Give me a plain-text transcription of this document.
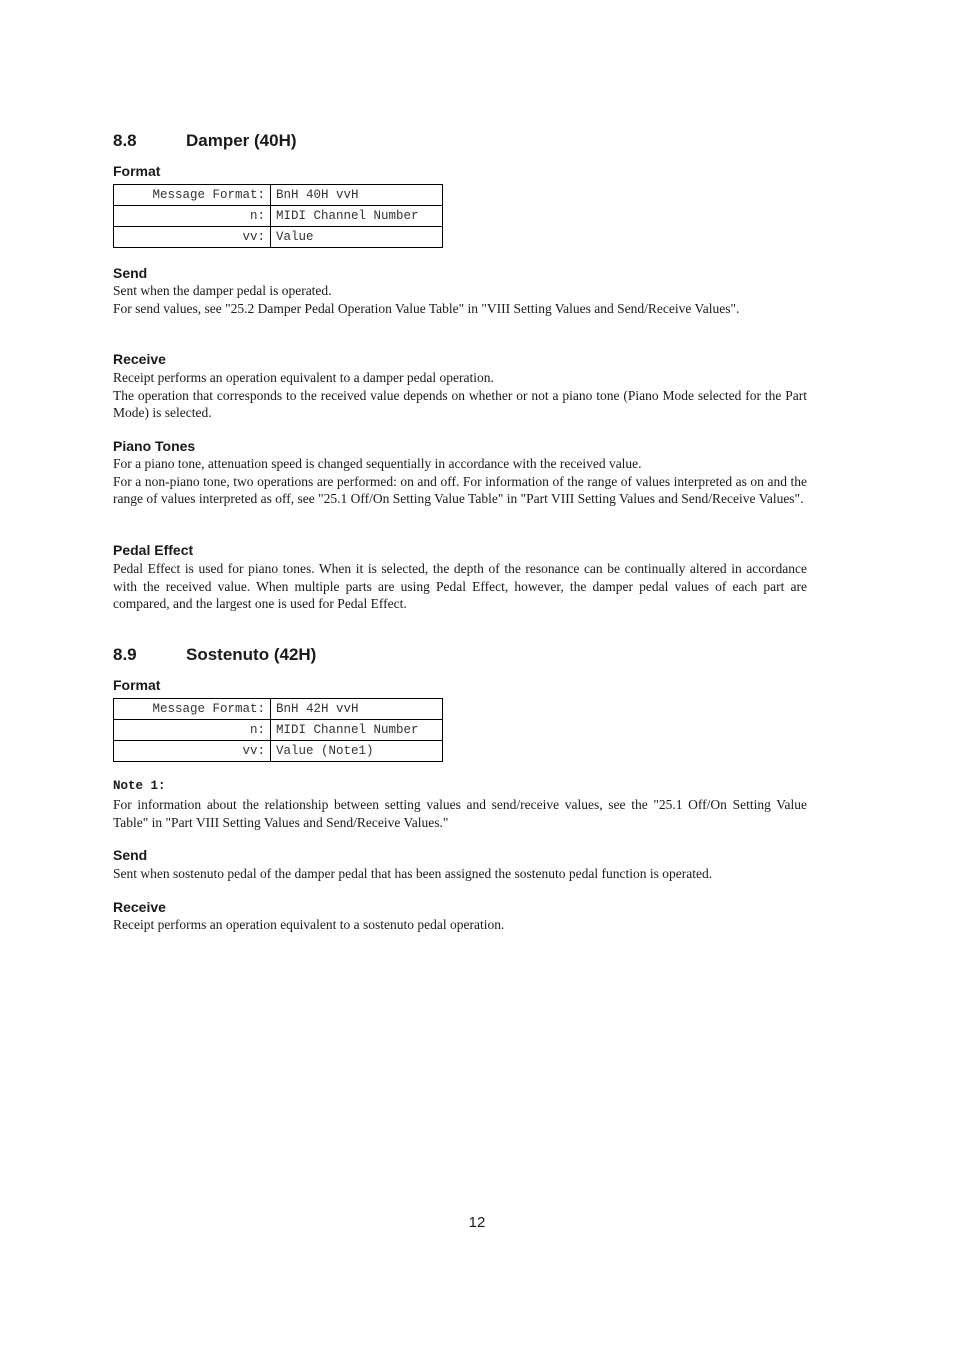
8.8	Damper (40H)
Format
Message Format:	BnH 40H vvH
n:	MIDI Channel Number
vv:	Value
Send

Sent when the damper pedal is operated.

For send values, see "25.2 Damper Pedal Operation Value Table" in "VIII Setting Values and Send/Receive Values".

Receive

Receipt performs an operation equivalent to a damper pedal operation.

The operation that corresponds to the received value depends on whether or not a piano tone (Piano Mode selected for the Part Mode) is selected.

Piano Tones

For a piano tone, attenuation speed is changed sequentially in accordance with the received value.

For a non-piano tone, two operations are performed: on and off. For information of the range of values interpreted as on and the range of values interpreted as off, see "25.1 Off/On Setting Value Table" in "Part VIII Setting Values and Send/Receive Values".

Pedal Effect

Pedal Effect is used for piano tones. When it is selected, the depth of the resonance can be continually altered in accordance with the received value. When multiple parts are using Pedal Effect, however, the damper pedal values of each part are compared, and the largest one is used for Pedal Effect.

8.9	Sostenuto (42H)
Format
Message Format:	BnH 42H vvH
n:	MIDI Channel Number
vv:	Value (Note1)
Note 1:

For information about the relationship between setting values and send/receive values, see the "25.1 Off/On Setting Value Table" in "Part VIII Setting Values and Send/Receive Values."

Send

Sent when sostenuto pedal of the damper pedal that has been assigned the sostenuto pedal function is operated.

Receive

Receipt performs an operation equivalent to a sostenuto pedal operation.

12
